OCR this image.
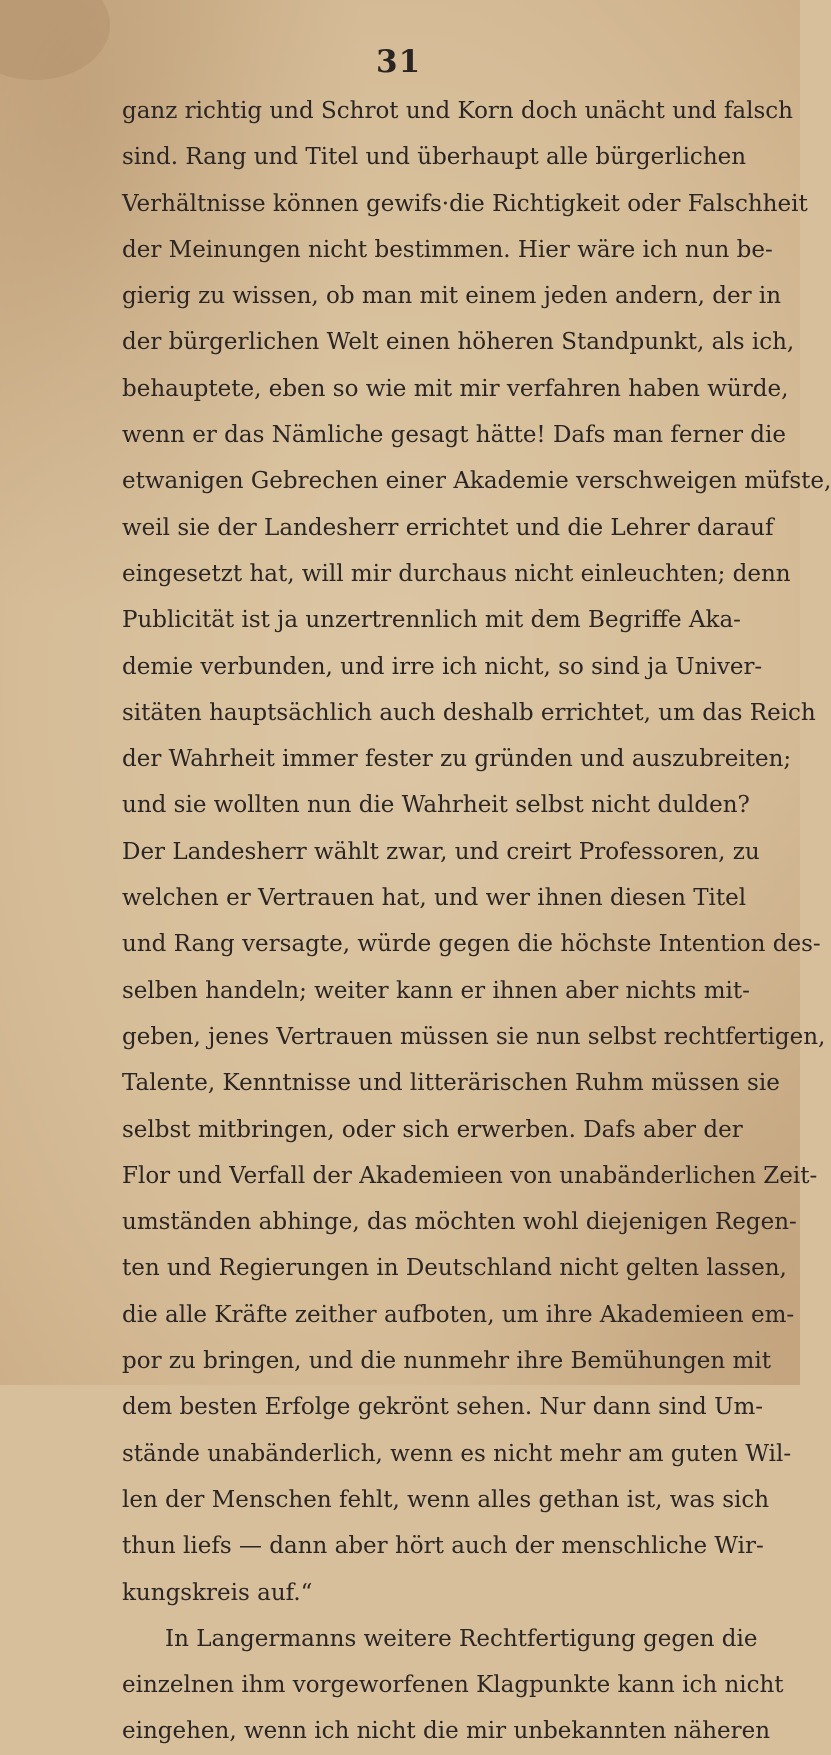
31
ganz richtig und Schrot und Korn doch unächt und falsch
sind. Rang und Titel und überhaupt alle bürgerlichen
Verhältnisse können gewifs·die Richtigkeit oder Falschheit
der Meinungen nicht bestimmen. Hier wäre ich nun be-
gierig zu wissen, ob man mit einem jeden andern, der in
der bürgerlichen Welt einen höheren Standpunkt, als ich,
behauptete, eben so wie mit mir verfahren haben würde,
wenn er das Nämliche gesagt hätte! Dafs man ferner die
etwanigen Gebrechen einer Akademie verschweigen müfste,
weil sie der Landesherr errichtet und die Lehrer darauf
eingesetzt hat, will mir durchaus nicht einleuchten; denn
Publicität ist ja unzertrennlich mit dem Begriffe Aka-
demie verbunden, und irre ich nicht, so sind ja Univer-
sitäten hauptsächlich auch deshalb errichtet, um das Reich
der Wahrheit immer fester zu gründen und auszubreiten;
und sie wollten nun die Wahrheit selbst nicht dulden?
Der Landesherr wählt zwar, und creirt Professoren, zu
welchen er Vertrauen hat, und wer ihnen diesen Titel
und Rang versagte, würde gegen die höchste Intention des-
selben handeln; weiter kann er ihnen aber nichts mit-
geben, jenes Vertrauen müssen sie nun selbst rechtfertigen,
Talente, Kenntnisse und litterärischen Ruhm müssen sie
selbst mitbringen, oder sich erwerben. Dafs aber der
Flor und Verfall der Akademieen von unabänderlichen Zeit-
umständen abhinge, das möchten wohl diejenigen Regen-
ten und Regierungen in Deutschland nicht gelten lassen,
die alle Kräfte zeither aufboten, um ihre Akademieen em-
por zu bringen, und die nunmehr ihre Bemühungen mit
dem besten Erfolge gekrönt sehen. Nur dann sind Um-
stände unabänderlich, wenn es nicht mehr am guten Wil-
len der Menschen fehlt, wenn alles gethan ist, was sich
thun liefs — dann aber hört auch der menschliche Wir-
kungskreis auf.“
In Langermanns weitere Rechtfertigung gegen die
einzelnen ihm vorgeworfenen Klagpunkte kann ich nicht
eingehen, wenn ich nicht die mir unbekannten näheren
